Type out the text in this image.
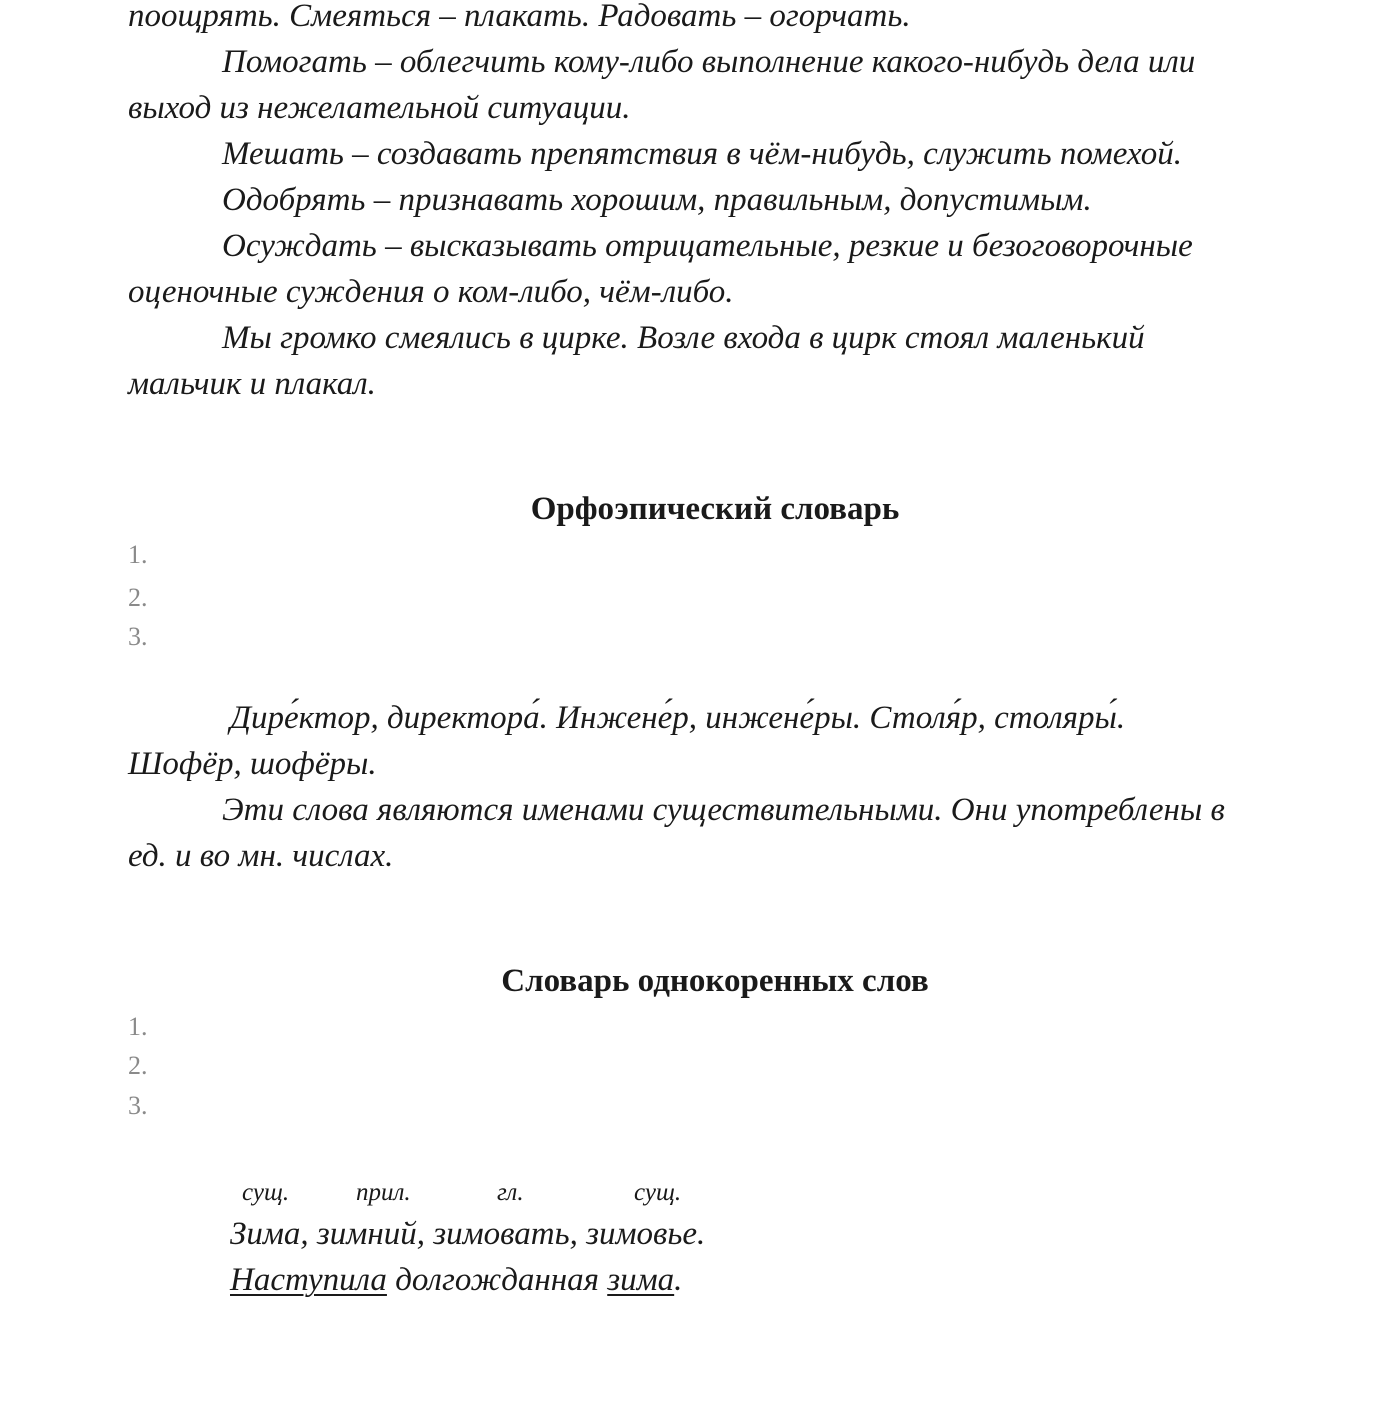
поощрять. Смеяться – плакать. Радовать – огорчать.

Помогать – облегчить кому-либо выполнение какого-нибудь дела или

выход из нежелательной ситуации.

Мешать – создавать препятствия в чём-нибудь, служить помехой.

Одобрять – признавать хорошим, правильным, допустимым.

Осуждать – высказывать отрицательные, резкие и безоговорочные

оценочные суждения о ком-либо, чём-либо.

Мы громко смеялись в цирке. Возле входа в цирк стоял маленький

мальчик и плакал.

Орфоэпический словарь
1.
2.
3.

Дире́ктор, директора́. Инжене́р, инжене́ры. Столя́р, столяры́.

Шофёр, шофёры.

Эти слова являются именами существительными. Они употреблены в

ед. и во мн. числах.

Словарь однокоренных слов
1.
2.
3.
сущ.	прил.	гл.	сущ.

Зима, зимний, зимовать, зимовье.

Наступила долгожданная зима.
